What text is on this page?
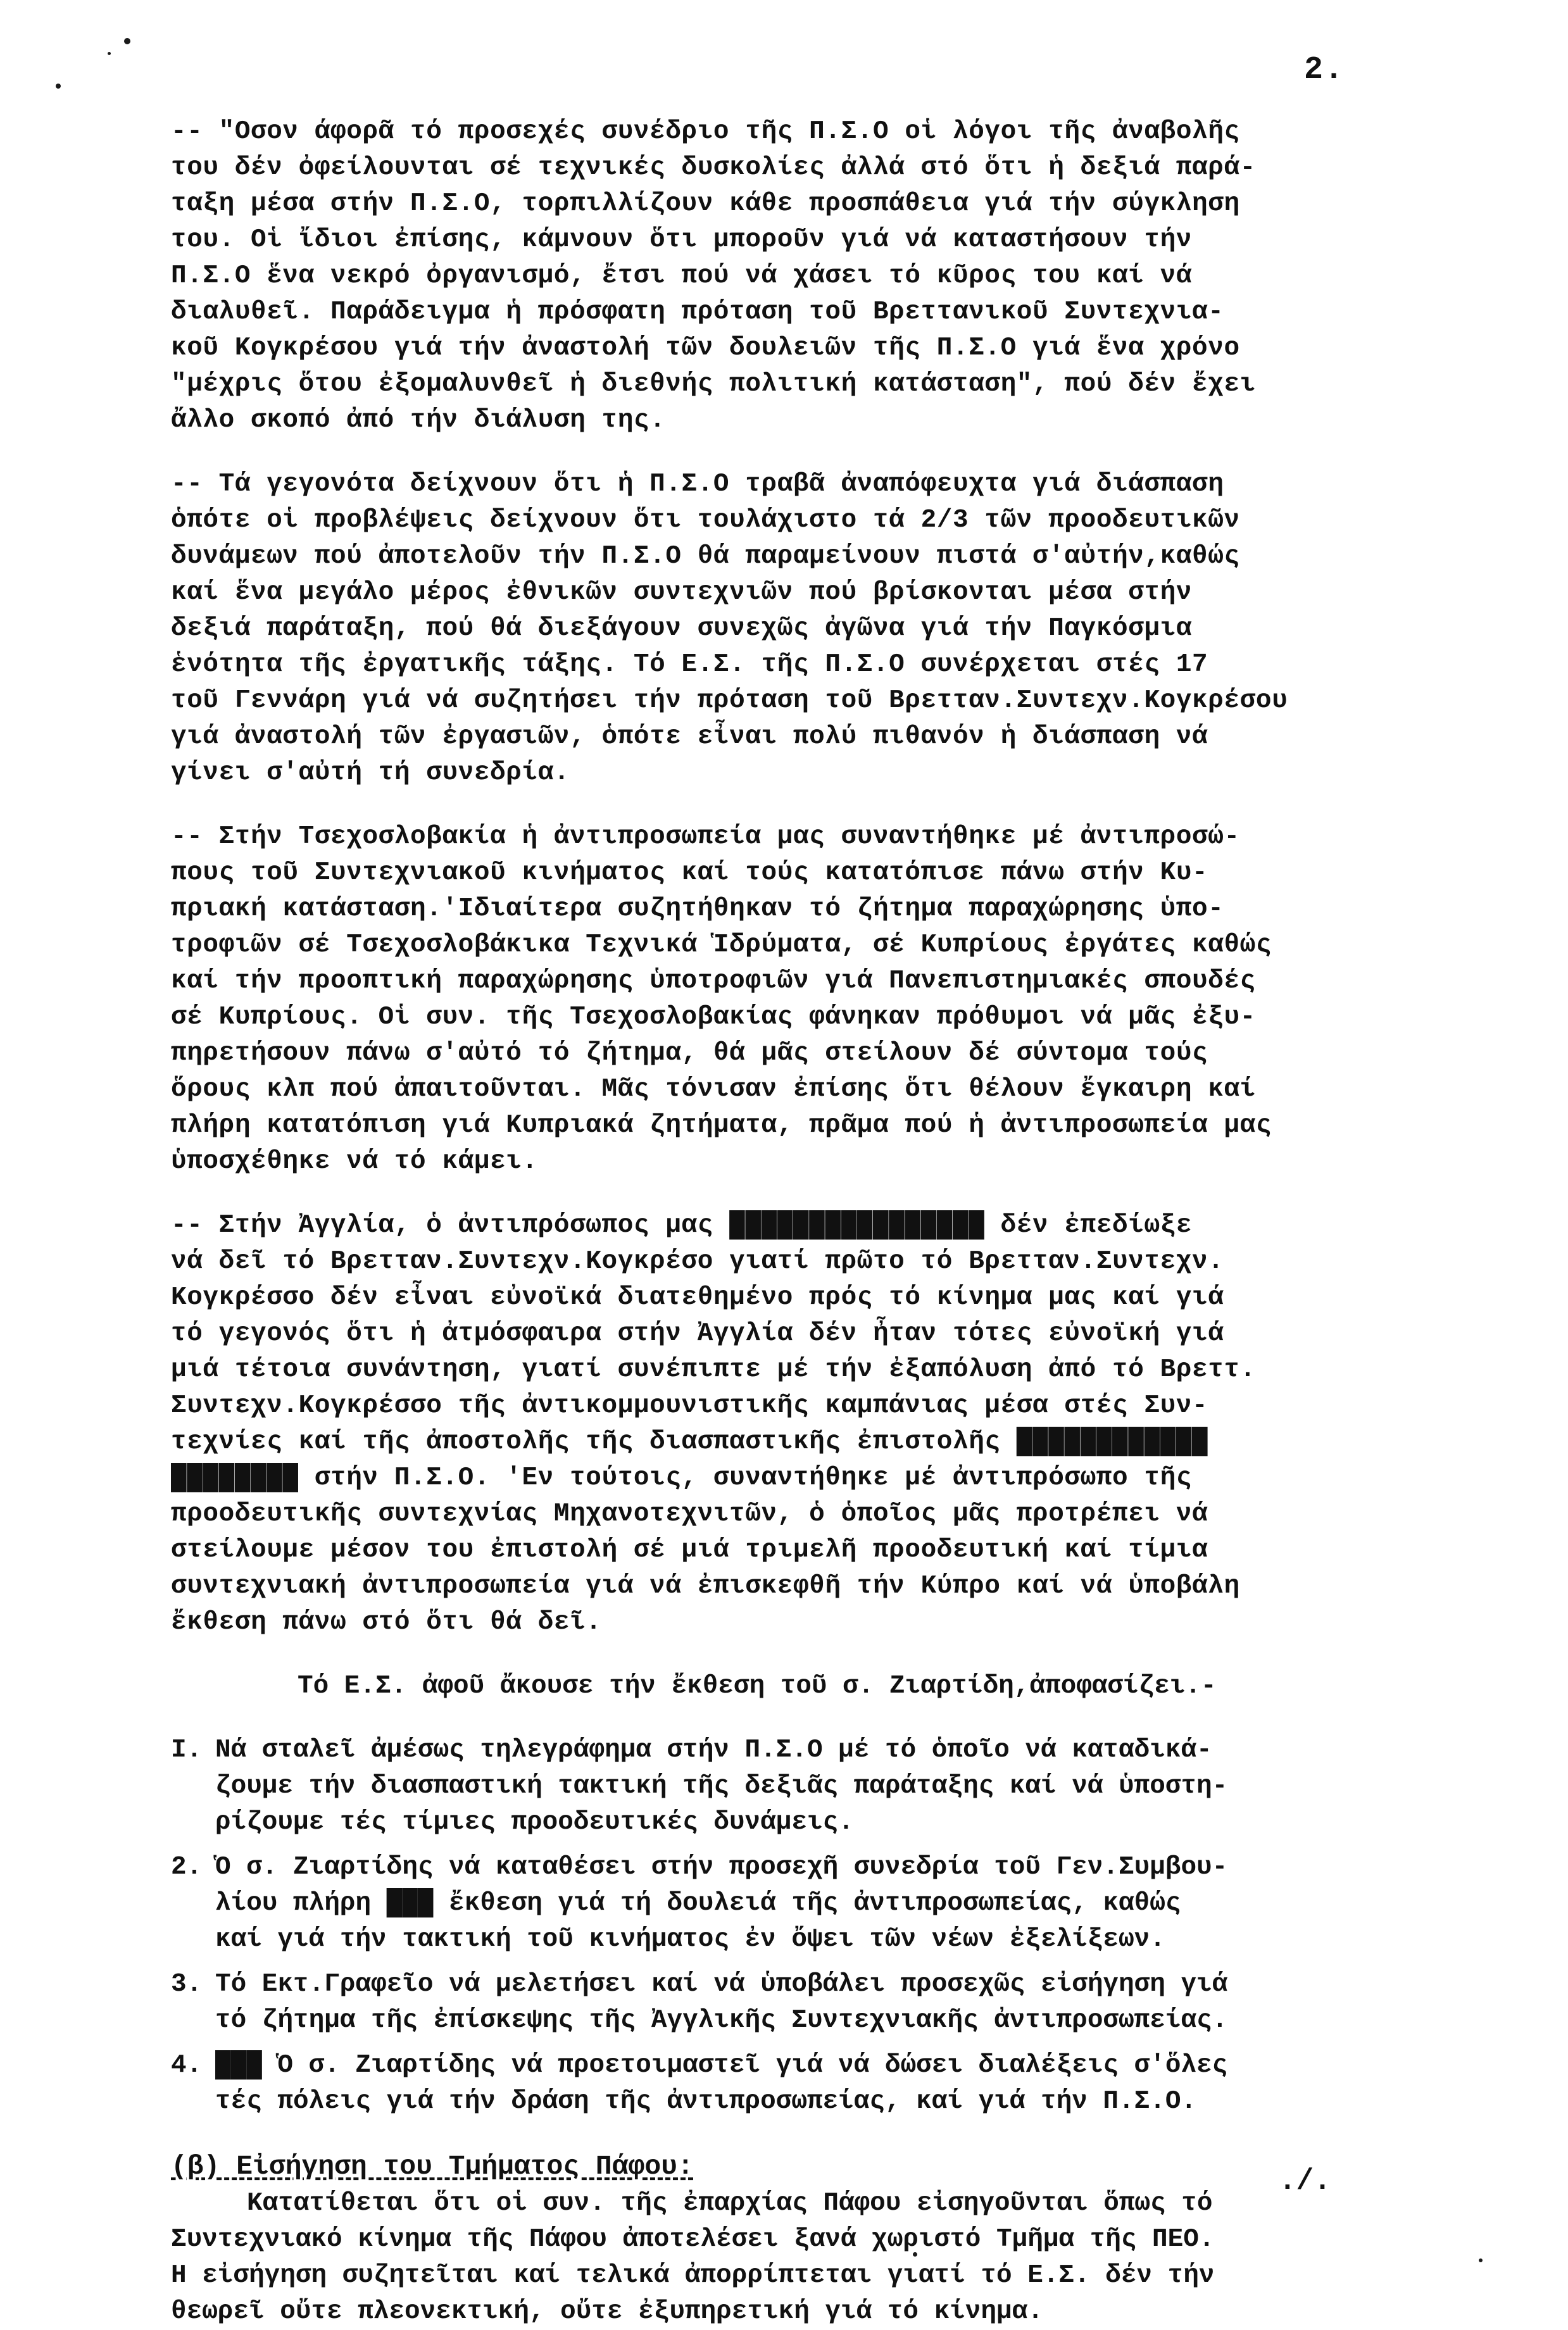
2.
-- "Οσον άφορᾶ τό προσεχές συνέδριο τῆς Π.Σ.Ο οἱ λόγοι τῆς ἀναβολῆς
του δέν ὀφείλουνται σέ τεχνικές δυσκολίες ἀλλά στό ὅτι ἡ δεξιά παρά-
ταξη μέσα στήν Π.Σ.Ο, τορπιλλίζουν κάθε προσπάθεια γιά τήν σύγκληση
του. Οἱ ἴδιοι ἐπίσης, κάμνουν ὅτι μποροῦν γιά νά καταστήσουν τήν
Π.Σ.Ο ἕνα νεκρό ὀργανισμό, ἔτσι πού νά χάσει τό κῦρος του καί νά
διαλυθεῖ. Παράδειγμα ἡ πρόσφατη πρόταση τοῦ Βρεττανικοῦ Συντεχνια-
κοῦ Κογκρέσου γιά τήν ἀναστολή τῶν δουλειῶν τῆς Π.Σ.Ο γιά ἕνα χρόνο
"μέχρις ὅτου ἐξομαλυνθεῖ ἡ διεθνής πολιτική κατάσταση", πού δέν ἔχει
ἄλλο σκοπό ἀπό τήν διάλυση της.
-- Τά γεγονότα δείχνουν ὅτι ἡ Π.Σ.Ο τραβᾶ ἀναπόφευχτα γιά διάσπαση
ὁπότε οἱ προβλέψεις δείχνουν ὅτι τουλάχιστο τά 2/3 τῶν προοδευτικῶν
δυνάμεων πού ἀποτελοῦν τήν Π.Σ.Ο θά παραμείνουν πιστά σ'αὐτήν,καθώς
καί ἕνα μεγάλο μέρος ἐθνικῶν συντεχνιῶν πού βρίσκονται μέσα στήν
δεξιά παράταξη, πού θά διεξάγουν συνεχῶς ἀγῶνα γιά τήν Παγκόσμια
ἑνότητα τῆς ἐργατικῆς τάξης. Τό Ε.Σ. τῆς Π.Σ.Ο συνέρχεται στές 17
τοῦ Γεννάρη γιά νά συζητήσει τήν πρόταση τοῦ Βρετταν.Συντεχν.Κογκρέσου
γιά ἀναστολή τῶν ἐργασιῶν, ὁπότε εἶναι πολύ πιθανόν ἡ διάσπαση νά
γίνει σ'αὐτή τή συνεδρία.
-- Στήν Τσεχοσλοβακία ἡ ἀντιπροσωπεία μας συναντήθηκε μέ ἀντιπροσώ-
πους τοῦ Συντεχνιακοῦ κινήματος καί τούς κατατόπισε πάνω στήν Κυ-
πριακή κατάσταση.'Ιδιαίτερα συζητήθηκαν τό ζήτημα παραχώρησης ὑπο-
τροφιῶν σέ Τσεχοσλοβάκικα Τεχνικά Ἱδρύματα, σέ Κυπρίους ἐργάτες καθώς
καί τήν προοπτική παραχώρησης ὑποτροφιῶν γιά Πανεπιστημιακές σπουδές
σέ Κυπρίους. Οἱ συν. τῆς Τσεχοσλοβακίας φάνηκαν πρόθυμοι νά μᾶς ἐξυ-
πηρετήσουν πάνω σ'αὐτό τό ζήτημα, θά μᾶς στείλουν δέ σύντομα τούς
ὅρους κλπ πού ἀπαιτοῦνται. Μᾶς τόνισαν ἐπίσης ὅτι θέλουν ἔγκαιρη καί
πλήρη κατατόπιση γιά Κυπριακά ζητήματα, πρᾶμα πού ἡ ἀντιπροσωπεία μας
ὑποσχέθηκε νά τό κάμει.
-- Στήν Ἀγγλία, ὁ ἀντιπρόσωπος μας ████████████████ δέν ἐπεδίωξε
νά δεῖ τό Βρετταν.Συντεχν.Κογκρέσο γιατί πρῶτο τό Βρετταν.Συντεχν.
Κογκρέσσο δέν εἶναι εὐνοϊκά διατεθημένο πρός τό κίνημα μας καί γιά
τό γεγονός ὅτι ἡ ἀτμόσφαιρα στήν Ἀγγλία δέν ἦταν τότες εὐνοϊκή γιά
μιά τέτοια συνάντηση, γιατί συνέπιπτε μέ τήν ἐξαπόλυση ἀπό τό Βρεττ.
Συντεχν.Κογκρέσσο τῆς ἀντικομμουνιστικῆς καμπάνιας μέσα στές Συν-
τεχνίες καί τῆς ἀποστολῆς τῆς διασπαστικῆς ἐπιστολῆς ████████████
████████ στήν Π.Σ.Ο. 'Εν τούτοις, συναντήθηκε μέ ἀντιπρόσωπο τῆς
προοδευτικῆς συντεχνίας Μηχανοτεχνιτῶν, ὁ ὁποῖος μᾶς προτρέπει νά
στείλουμε μέσον του ἐπιστολή σέ μιά τριμελῆ προοδευτική καί τίμια
συντεχνιακή ἀντιπροσωπεία γιά νά ἐπισκεφθῆ τήν Κύπρο καί νά ὑποβάλη
ἔκθεση πάνω στό ὅτι θά δεῖ.
Τό Ε.Σ. ἀφοῦ ἄκουσε τήν ἔκθεση τοῦ σ. Ζιαρτίδη,ἀποφασίζει.-
I. Νά σταλεῖ ἀμέσως τηλεγράφημα στήν Π.Σ.Ο μέ τό ὁποῖο νά καταδικά-
ζουμε τήν διασπαστική τακτική τῆς δεξιᾶς παράταξης καί νά ὑποστη-
ρίζουμε τές τίμιες προοδευτικές δυνάμεις.
2. Ὁ σ. Ζιαρτίδης νά καταθέσει στήν προσεχῆ συνεδρία τοῦ Γεν.Συμβου-
λίου πλήρη ███ ἔκθεση γιά τή δουλειά τῆς ἀντιπροσωπείας, καθώς
καί γιά τήν τακτική τοῦ κινήματος ἐν ὄψει τῶν νέων ἐξελίξεων.
3. Τό Εκτ.Γραφεῖο νά μελετήσει καί νά ὑποβάλει προσεχῶς εἰσήγηση γιά
τό ζήτημα τῆς ἐπίσκεψης τῆς Ἀγγλικῆς Συντεχνιακῆς ἀντιπροσωπείας.
4. ███ Ὁ σ. Ζιαρτίδης νά προετοιμαστεῖ γιά νά δώσει διαλέξεις σ'ὅλες
τές πόλεις γιά τήν δράση τῆς ἀντιπροσωπείας, καί γιά τήν Π.Σ.Ο.
(β) Εἰσήγηση του Τμήματος Πάφου:
Κατατίθεται ὅτι οἱ συν. τῆς ἐπαρχίας Πάφου εἰσηγοῦνται ὅπως τό
Συντεχνιακό κίνημα τῆς Πάφου ἀποτελέσει ξανά χωριστό Τμῆμα τῆς ΠΕΟ.
Η εἰσήγηση συζητεῖται καί τελικά ἀπορρίπτεται γιατί τό Ε.Σ. δέν τήν
θεωρεῖ οὔτε πλεονεκτική, οὔτε ἐξυπηρετική γιά τό κίνημα.
./.
